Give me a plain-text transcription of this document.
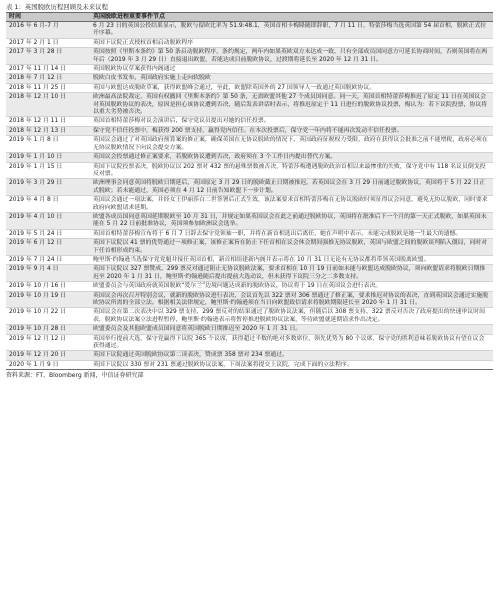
表 1：英国脱欧历程回顾及未来议程
时间	英国脱欧进程重要事件节点
2016 年 6 月-7 月	6 月 23 日的英国公投结果显示，脱欧与留欧比率为 51.9:48.1，英国首相卡梅隆随即辞职，7 月 11 日，特蕾莎梅当选英国第 54 届首相，脱欧正式拉开序幕。
2017 年 2 月 1 日	英国下议院正式授权首相启动脱欧程序
2017 年 3 月 28 日	英国按照《里斯本条约》第 50 条启动脱欧程序，条约规定，两年内如果英欧双方未达成一致，只有全部成员国同意方可延长协商时间，否则英国将在两年后（2019 年 3 月 29 日）直接退出欧盟，若能达成目前脱欧协议，过渡期将延长至 2020 年 12 月 31 日。
2017 年 11 月 14 日	英国脱欧协议草案获得内阁通过
2018 年 7 月 12 日	脱欧白皮书发布，英国政府实施上走向软脱欧
2018 年 11 月 25 日	英国与欧盟达成脱欧草案，获得欧盟峰会通过，至此，欧盟除英国外的 27 国领导人一致通过英国脱欧协议。
2018 年 12 月 10 日	欧洲最高法院裁定，英国有权撤回《里斯本条约》第 50 条，无需欧盟其他 27 个成员国同意。同一天，英国首相特蕾莎梅推迟了原定 11 日在英国议会对英国脱欧协议的表决，原因是担心该协议遭到否决，随后发表讲话时表示，将推迟原定于 11 日进行的脱欧协议投票，梅认为：若下议院投票，协议将以重大劣势被否决。
2018 年 12 月 11 日	英国首相特蕾莎梅对议会演讲后，保守党议员提出对她的信任投票。
2018 年 12 月 13 日	保守党不信任投票中，梅获得 200 票支持，赢得党内信任。在本次投票后，保守党一年内将不能再次发动不信任投票。
2019 年 1 月 8 日	英国议会通过了对英国政府预算案的修正案，确保英国在无协议脱欧的情况下，英国政府征税权力受限，政府在获得议会批准之前不能增税，政府必须在无协议脱欧情况下向议会提交方案。
2019 年 1 月 10 日	英国议会投票通过修正案要求，若脱欧协议遭到否决，政府须在 3 个工作日内提出替代方案。
2019 年 1 月 15 日	英国下议院投票表决，脱欧协议以 202 票对 432 票的悬殊票数被否决，特蕾莎梅遭遇脱欧政治首相以来最惨重的失败，保守党中有 118 名议员倒戈投反对票。
2019 年 3 月 29 日	欧洲理事会同意英国将脱欧日期延后，英国原定 3 月 29 日的脱欧截止日期被推迟，若英国议会在 3 月 29 日前通过脱欧协议，英国将于 5 月 22 日正式脱欧；若未能通过，英国必须在 4 月 12 日前告知欧盟下一步计划。
2019 年 4 月 8 日	英国议会通过一项法案，并经女王伊丽莎白二世签署后正式生效，该法案要求首相特蕾莎梅在无协议脱欧时须征得议会同意，避免无协议脱欧，同时要求政府向欧盟请求延期。
2019 年 4 月 10 日	欧盟各成员国同意英国延期脱欧至 10 月 31 日，并规定如果英国议会在此之前通过脱欧协议，英国将在批准后下一个月的第一天正式脱欧，如果英国未能在 5 月 22 日前批准协议，英国须参加欧洲议会选举。
2019 年 5 月 24 日	英国首相特蕾莎梅宣布将于 6 月 7 日辞去保守党领袖一职，并将在新首相选出后离任，她在声明中表示，未能完成脱欧是她一生最大的遗憾。
2019 年 6 月 12 日	英国下议院以 41 票的优势通过一项修正案，该修正案旨在防止下任首相在议会休会期间强推无协议脱欧，英国与欧盟之间的脱欧谈判陷入僵局，同时对下任首相形成约束。
2019 年 7 月 24 日	鲍里斯·约翰逊当选保守党党魁并接任英国首相，新首相组建新内阁并表示将在 10 月 31 日无论有无协议都将带领英国脱离欧盟。
2019 年 9 月 4 日	英国下议院以 327 票赞成、299 票反对通过阻止无协议脱欧法案，要求首相在 10 月 19 日前如未能与欧盟达成脱欧协议，须向欧盟请求将脱欧日期推迟至 2020 年 1 月 31 日，鲍里斯·约翰逊随后提出提前大选动议，但未获得下议院三分之二多数支持。
2019 年 10 月 16 日	欧盟委员会与英国政府就英国脱欧“爱尔兰”边境问题达成新的脱欧协议，协议将于 19 日在英国议会进行表决。
2019 年 10 月 19 日	英国议会再次召开特别会议，就新的脱欧协议进行表决，会议首先以 322 票对 306 票通过了修正案，要求推迟对协议的表决，直到英国议会通过实施脱欧协议所需的全部立法。根据相关法律规定，鲍里斯·约翰逊须在当日向欧盟致信请求将脱欧期限延长至 2020 年 1 月 31 日。
2019 年 10 月 22 日	英国议会在第二次表决中以 329 票支持、299 票反对的结果通过了脱欧协议法案，但随后以 308 票支持、322 票反对否决了政府提出的快速审议时间表，脱欧协议法案立法进程暂停，鲍里斯·约翰逊表示将暂停推进脱欧协议法案，等待欧盟就延期请求作出决定。
2019 年 10 月 28 日	欧盟委员会及其他欧盟成员国同意将英国脱欧日期推迟至 2020 年 1 月 31 日。
2019 年 12 月 12 日	英国举行提前大选，保守党赢得下议院 365 个议席，获得超过半数的绝对多数席位，领先优势为 80 个议席，保守党的胜利意味着脱欧协议有望在议会获得通过。
2019 年 12 月 20 日	英国下议院通过英国脱欧协议第二读表决，赞成票 358 票对 234 票通过。
2020 年 1 月 9 日	英国下议院以 330 票对 231 票通过脱欧协议法案，下周法案将提交上议院，完成下面的立法程序。
资料来源：FT、Bloomberg 新闻，中信证券研究部
